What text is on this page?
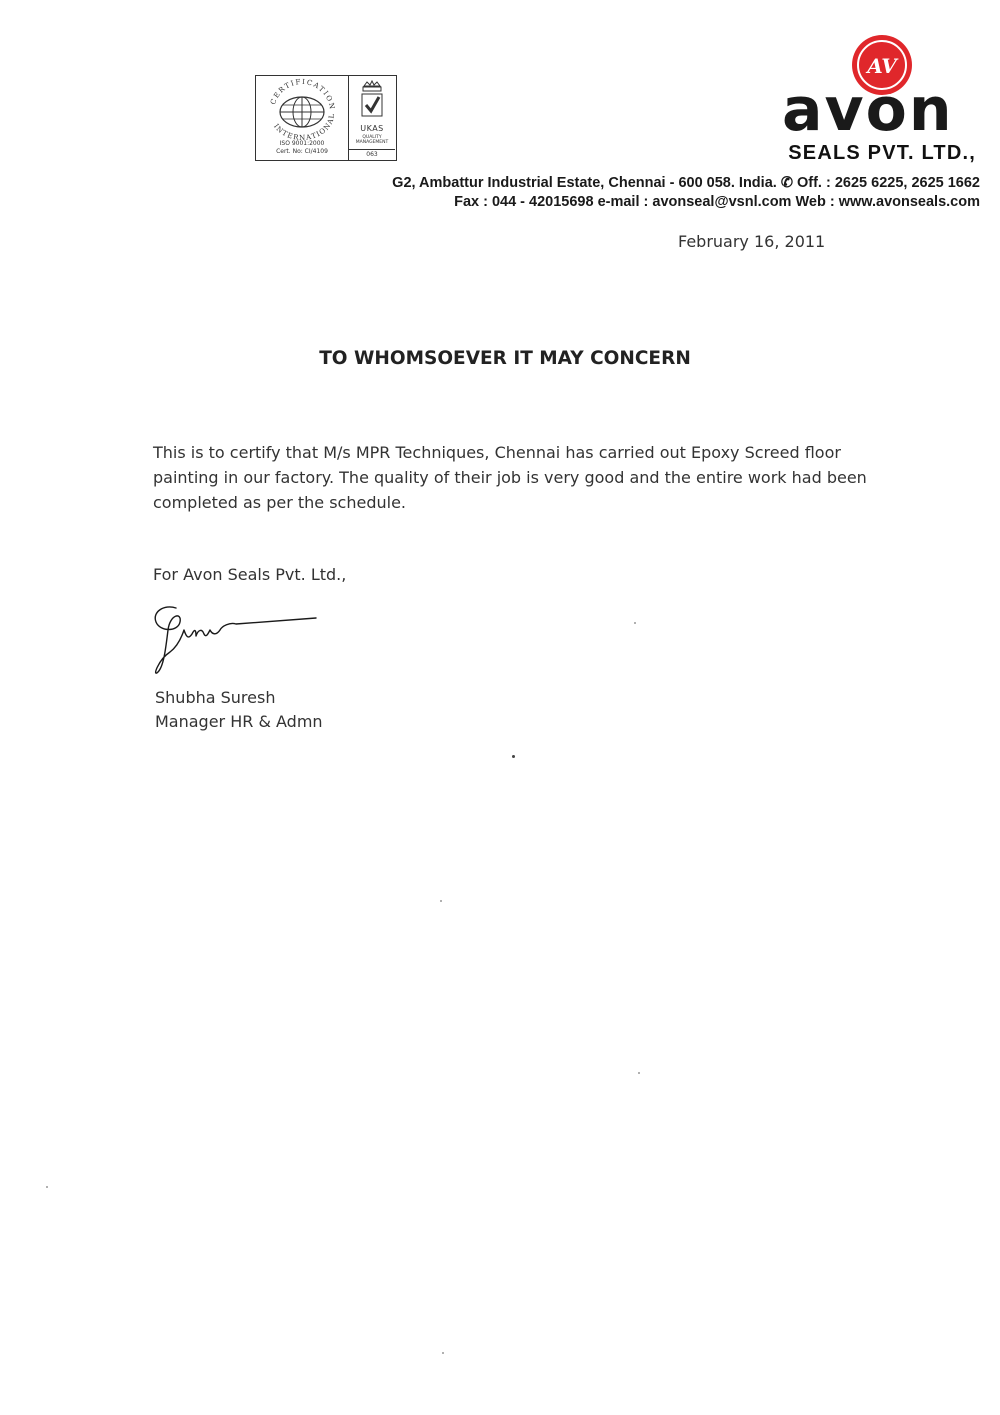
CERTIFICATION
INTERNATIONAL
ISO 9001:2000
Cert. No: CI/4109
UKAS
QUALITY MANAGEMENT
063
AV
avon
SEALS PVT. LTD.,
G2, Ambattur Industrial Estate, Chennai - 600 058. India. ✆ Off. : 2625 6225, 2625 1662
Fax : 044 - 42015698 e-mail : avonseal@vsnl.com Web : www.avonseals.com
February 16, 2011
TO WHOMSOEVER IT MAY CONCERN
This is to certify that M/s MPR Techniques, Chennai has carried out Epoxy Screed floor painting in our factory. The quality of their job is very good and the entire work had been completed as per the schedule.
For Avon Seals Pvt. Ltd.,
Shubha Suresh
Manager HR & Admn
